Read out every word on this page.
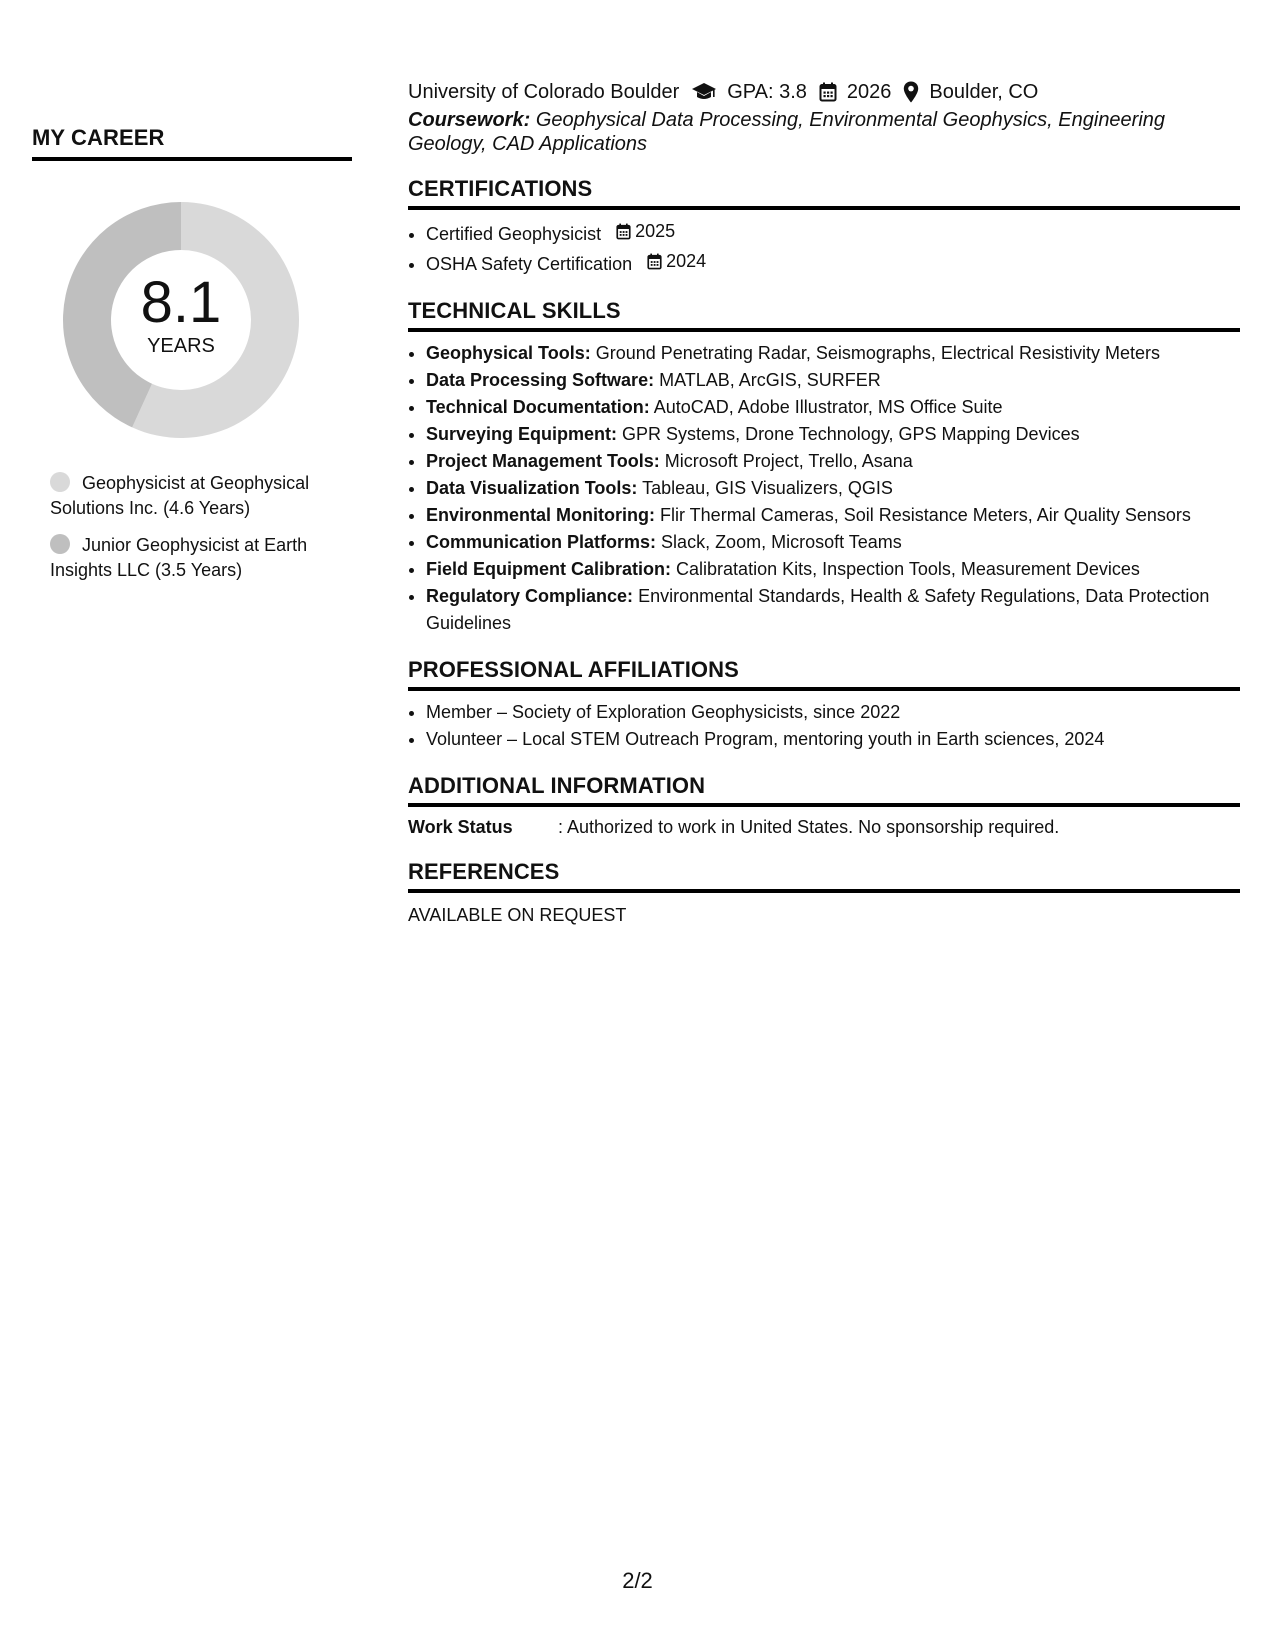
MY CAREER
8.1
YEARS
Geophysicist at Geophysical Solutions Inc. (4.6 Years)
Junior Geophysicist at Earth Insights LLC (3.5 Years)
University of Colorado Boulder GPA: 3.8 2026 Boulder, CO
Coursework: Geophysical Data Processing, Environmental Geophysics, Engineering Geology, CAD Applications
CERTIFICATIONS
• Certified Geophysicist 2025
• OSHA Safety Certification 2024
TECHNICAL SKILLS
• Geophysical Tools: Ground Penetrating Radar, Seismographs, Electrical Resistivity Meters
• Data Processing Software: MATLAB, ArcGIS, SURFER
• Technical Documentation: AutoCAD, Adobe Illustrator, MS Office Suite
• Surveying Equipment: GPR Systems, Drone Technology, GPS Mapping Devices
• Project Management Tools: Microsoft Project, Trello, Asana
• Data Visualization Tools: Tableau, GIS Visualizers, QGIS
• Environmental Monitoring: Flir Thermal Cameras, Soil Resistance Meters, Air Quality Sensors
• Communication Platforms: Slack, Zoom, Microsoft Teams
• Field Equipment Calibration: Calibratation Kits, Inspection Tools, Measurement Devices
• Regulatory Compliance: Environmental Standards, Health & Safety Regulations, Data Protection Guidelines
PROFESSIONAL AFFILIATIONS
• Member – Society of Exploration Geophysicists, since 2022
• Volunteer – Local STEM Outreach Program, mentoring youth in Earth sciences, 2024
ADDITIONAL INFORMATION
Work Status	: Authorized to work in United States. No sponsorship required.
REFERENCES
AVAILABLE ON REQUEST
2/2
